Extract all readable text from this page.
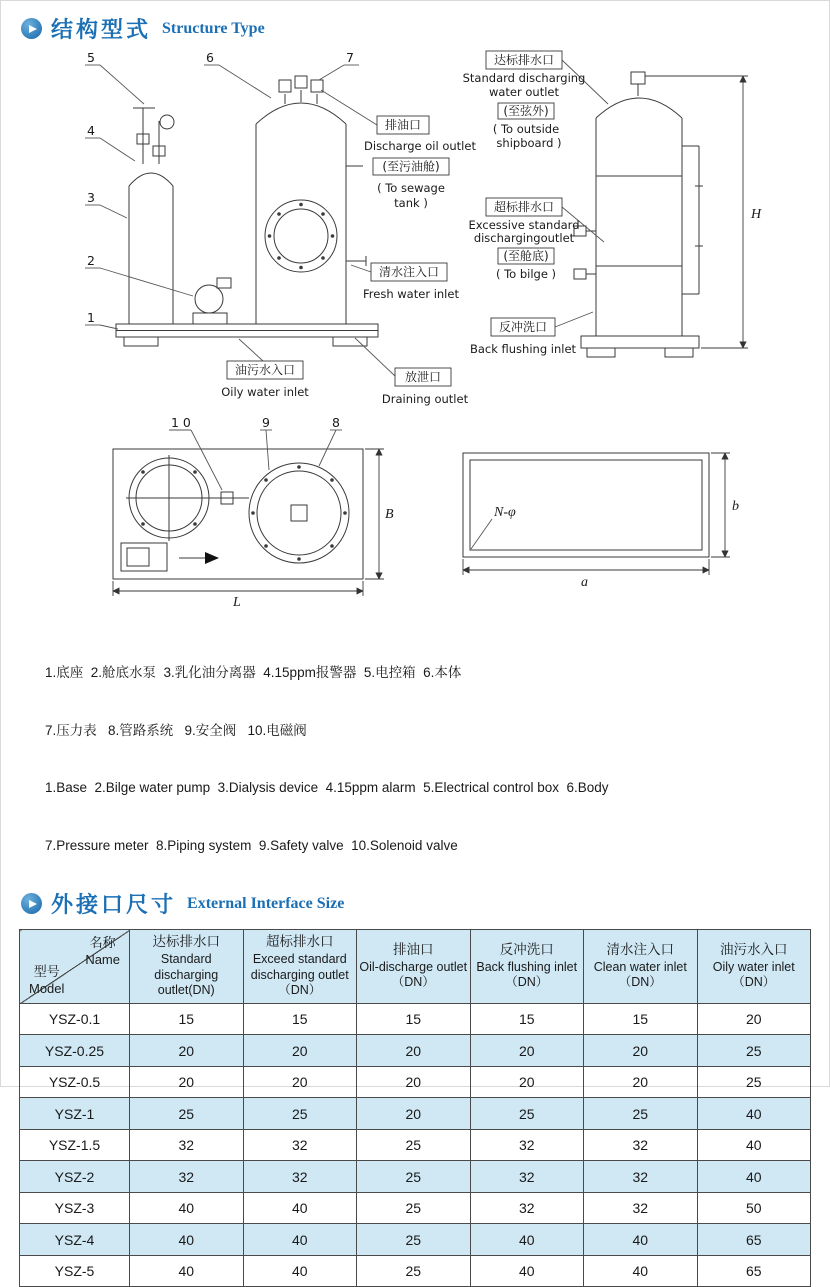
结构型式 Structure Type
5	6	7
4
3
2
1
排油口
Discharge oil outlet
(至污油舱)
( To sewage
tank )
清水注入口
Fresh water inlet
放泄口
Draining outlet
油污水入口
Oily water inlet
达标排水口
Standard discharging
water outlet
(至弦外)
( To outside
shipboard )
超标排水口
Excessive standard
dischargingoutlet
(至舱底)
( To bilge )
反冲洗口
Back flushing inlet
H
1 0	9	8
B
L
N-φ	b
a

1.底座  2.舱底水泵  3.乳化油分离器  4.15ppm报警器  5.电控箱  6.本体

7.压力表   8.管路系统   9.安全阀   10.电磁阀

1.Base  2.Bilge water pump  3.Dialysis device  4.15ppm alarm  5.Electrical control box  6.Body

7.Pressure meter  8.Piping system  9.Safety valve  10.Solenoid valve

外接口尺寸 External Interface Size
名称
Name
型号
Model

达标排水口
Standard discharging outlet(DN)

超标排水口
Exceed standard discharging outlet （DN）

排油口
Oil-discharge outlet（DN）

反冲洗口
Back flushing inlet（DN）

清水注入口
Clean water inlet（DN）

油污水入口
Oily water inlet（DN）

YSZ-0.1	15	15	15	15	15	20
YSZ-0.25	20	20	20	20	20	25
YSZ-0.5	20	20	20	20	20	25
YSZ-1	25	25	20	25	25	40
YSZ-1.5	32	32	25	32	32	40
YSZ-2	32	32	25	32	32	40
YSZ-3	40	40	25	32	32	50
YSZ-4	40	40	25	40	40	65
YSZ-5	40	40	25	40	40	65
